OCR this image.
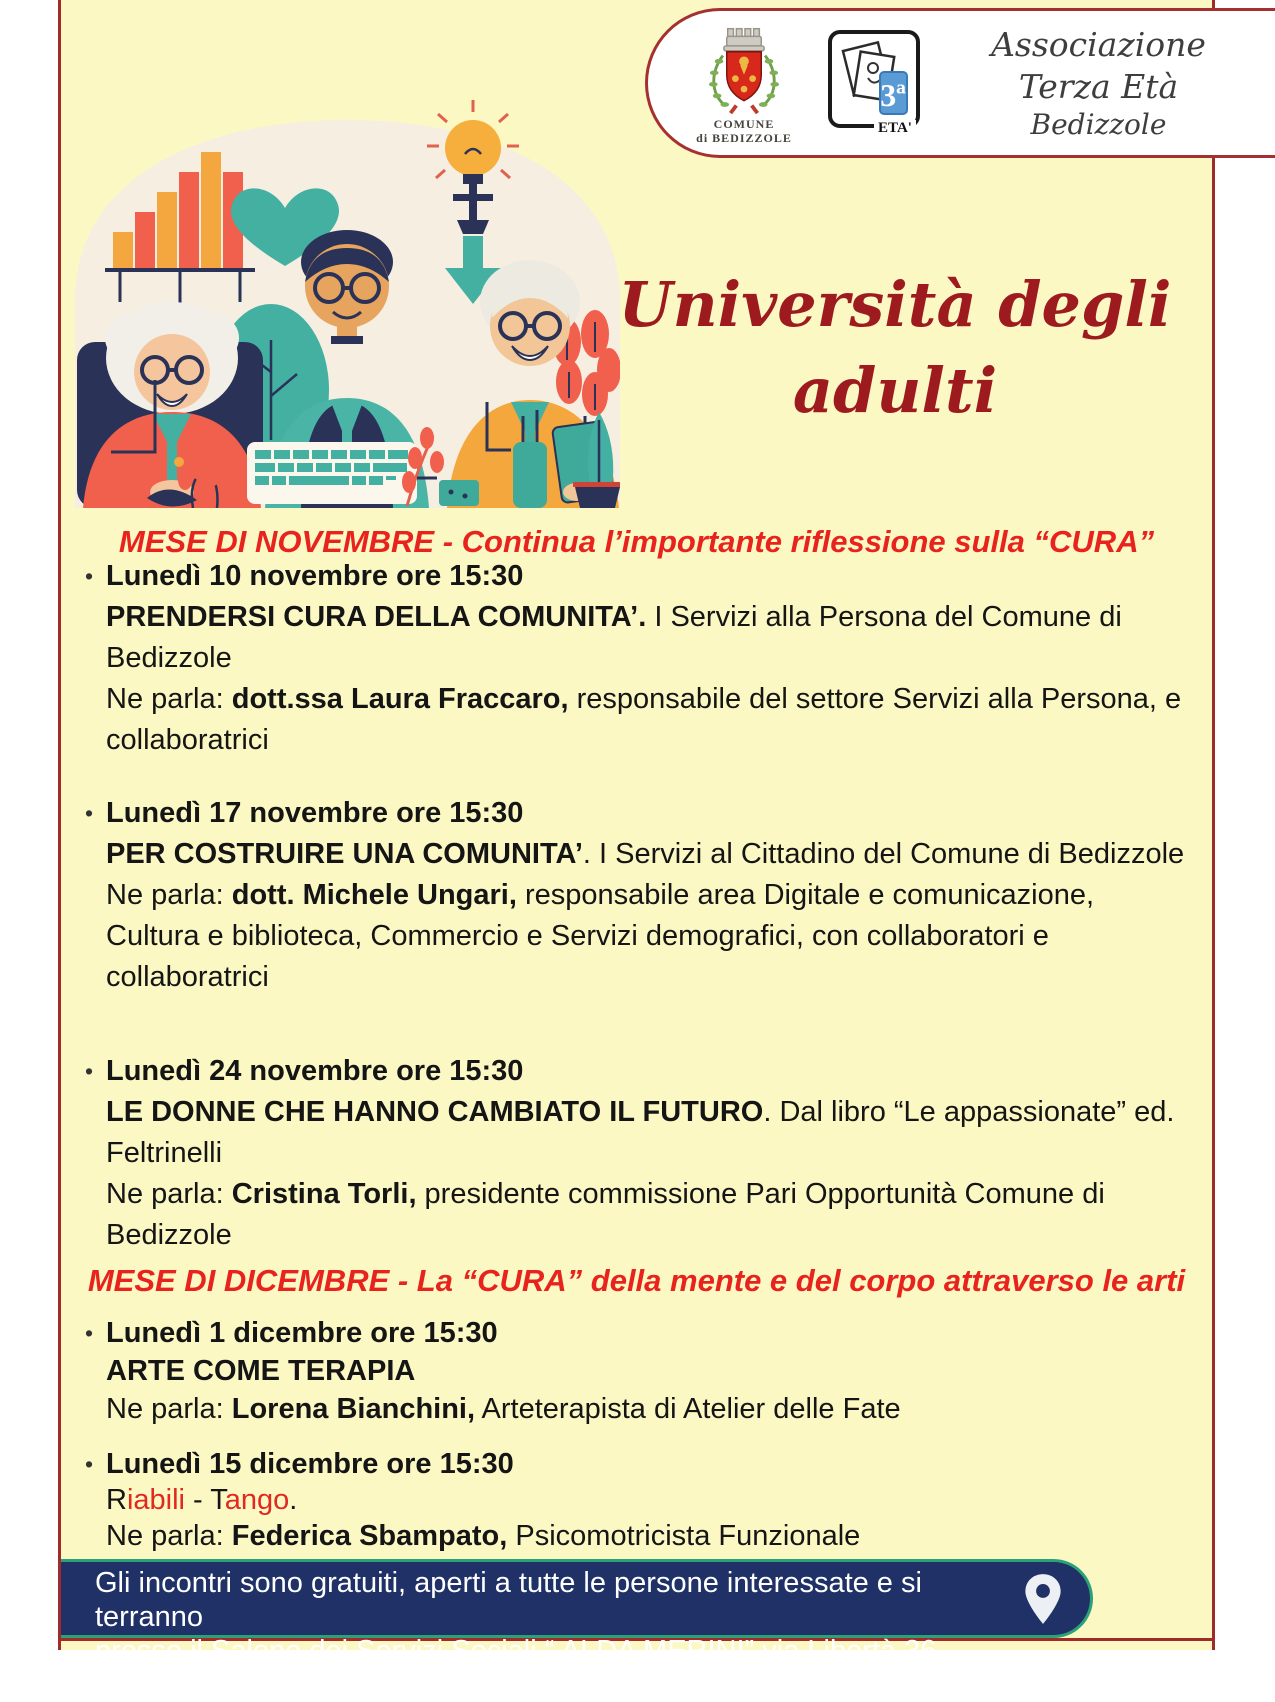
COMUNE
di BEDIZZOLE
3ª
ETA'
Associazione Terza Età
Bedizzole
Università degli
adulti
MESE DI NOVEMBRE - Continua l’importante riflessione sulla “CURA”
• Lunedì 10 novembre ore 15:30
PRENDERSI CURA DELLA COMUNITA’. I Servizi alla Persona del Comune di Bedizzole
Ne parla: dott.ssa Laura Fraccaro, responsabile del settore Servizi alla Persona, e collaboratrici
• Lunedì 17 novembre ore 15:30
PER COSTRUIRE UNA COMUNITA’. I Servizi al Cittadino del Comune di Bedizzole
Ne parla: dott. Michele Ungari, responsabile area Digitale e comunicazione, Cultura e biblioteca, Commercio e Servizi demografici, con collaboratori e collaboratrici
• Lunedì 24 novembre ore 15:30
LE DONNE CHE HANNO CAMBIATO IL FUTURO. Dal libro “Le appassionate” ed. Feltrinelli
Ne parla: Cristina Torli, presidente commissione Pari Opportunità Comune di Bedizzole
MESE DI DICEMBRE - La “CURA” della mente e del corpo attraverso le arti
• Lunedì 1 dicembre ore 15:30
ARTE COME TERAPIA
Ne parla: Lorena Bianchini, Arteterapista di Atelier delle Fate
• Lunedì 15 dicembre ore 15:30
Riabili - Tango.
Ne parla: Federica Sbampato, Psicomotricista Funzionale
Gli incontri sono gratuiti, aperti a tutte le persone interessate e si terranno
presso il Salone dei Servizi Sociali “ ALDA MERINI” via Libertà,36 Bedizzole
